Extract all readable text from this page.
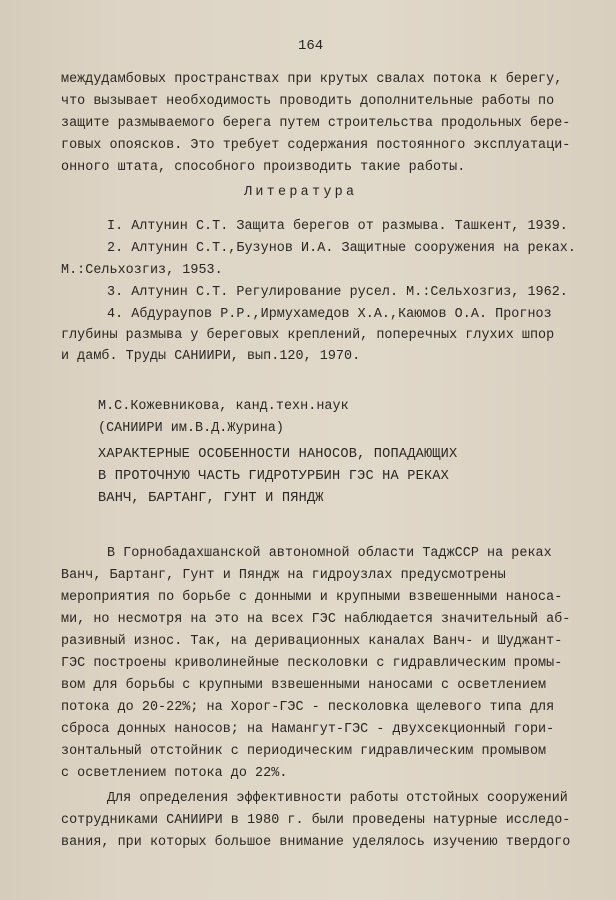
164
междудамбовых пространствах при крутых свалах потока к берегу,
что вызывает необходимость проводить дополнительные работы по
защите размываемого берега путем строительства продольных бере-
говых опоясков. Это требует содержания постоянного эксплуатаци-
онного штата, способного производить такие работы.
Литература
I. Алтунин С.Т. Защита берегов от размыва. Ташкент, 1939.
2. Алтунин С.Т.,Бузунов И.А. Защитные сооружения на реках.
М.:Сельхозгиз, 1953.
3. Алтунин С.Т. Регулирование русел. М.:Сельхозгиз, 1962.
4. Абдураупов Р.Р.,Ирмухамедов Х.А.,Каюмов О.А. Прогноз
глубины размыва у береговых креплений, поперечных глухих шпор
и дамб. Труды САНИИРИ, вып.120, 1970.
М.С.Кожевникова, канд.техн.наук
(САНИИРИ им.В.Д.Журина)
ХАРАКТЕРНЫЕ ОСОБЕННОСТИ НАНОСОВ, ПОПАДАЮЩИХ
В ПРОТОЧНУЮ ЧАСТЬ ГИДРОТУРБИН ГЭС НА РЕКАХ
ВАНЧ, БАРТАНГ, ГУНТ И ПЯНДЖ
В Горнобадахшанской автономной области ТаджССР на реках
Ванч, Бартанг, Гунт и Пяндж на гидроузлах предусмотрены
мероприятия по борьбе с донными и крупными взвешенными наноса-
ми, но несмотря на это на всех ГЭС наблюдается значительный аб-
разивный износ. Так, на деривационных каналах Ванч- и Шуджант-
ГЭС построены криволинейные песколовки с гидравлическим промы-
вом для борьбы с крупными взвешенными наносами с осветлением
потока до 20-22%; на Хорог-ГЭС - песколовка щелевого типа для
сброса донных наносов; на Намангут-ГЭС - двухсекционный гори-
зонтальный отстойник с периодическим гидравлическим промывом
с осветлением потока до 22%.
Для определения эффективности работы отстойных сооружений
сотрудниками САНИИРИ в 1980 г. были проведены натурные исследо-
вания, при которых большое внимание уделялось изучению твердого
